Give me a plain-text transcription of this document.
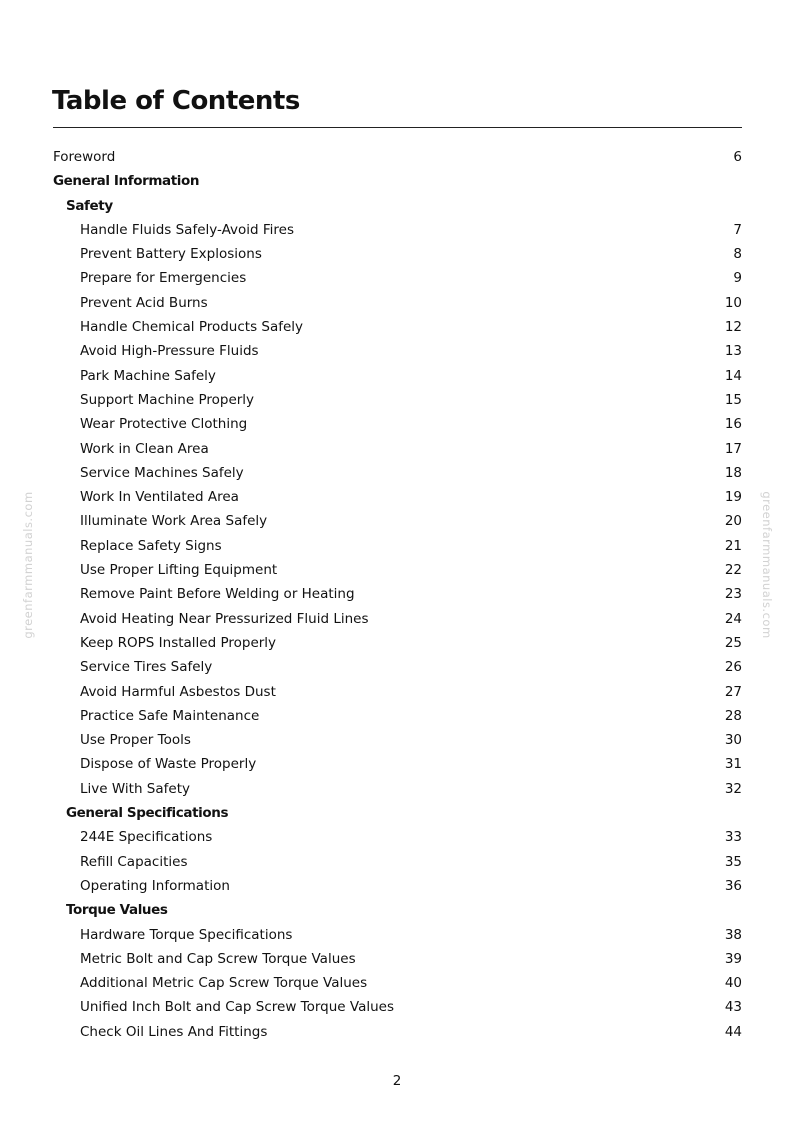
Table of Contents
Foreword	6
General Information
Safety
Handle Fluids Safely-Avoid Fires	7
Prevent Battery Explosions	8
Prepare for Emergencies	9
Prevent Acid Burns	10
Handle Chemical Products Safely	12
Avoid High-Pressure Fluids	13
Park Machine Safely	14
Support Machine Properly	15
Wear Protective Clothing	16
Work in Clean Area	17
Service Machines Safely	18
Work In Ventilated Area	19
Illuminate Work Area Safely	20
Replace Safety Signs	21
Use Proper Lifting Equipment	22
Remove Paint Before Welding or Heating	23
Avoid Heating Near Pressurized Fluid Lines	24
Keep ROPS Installed Properly	25
Service Tires Safely	26
Avoid Harmful Asbestos Dust	27
Practice Safe Maintenance	28
Use Proper Tools	30
Dispose of Waste Properly	31
Live With Safety	32
General Specifications
244E Specifications	33
Refill Capacities	35
Operating Information	36
Torque Values
Hardware Torque Specifications	38
Metric Bolt and Cap Screw Torque Values	39
Additional Metric Cap Screw Torque Values	40
Unified Inch Bolt and Cap Screw Torque Values	43
Check Oil Lines And Fittings	44
2
greenfarmmanuals.com	greenfarmmanuals.com
